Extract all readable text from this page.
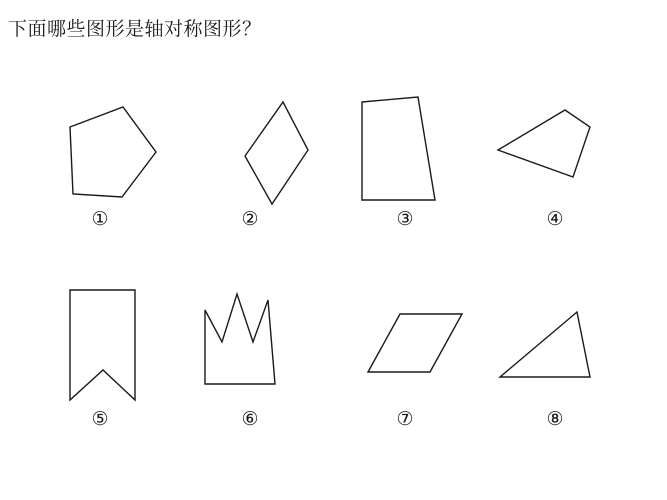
下面哪些图形是轴对称图形？
①	②	③	④
⑤	⑥	⑦	⑧
